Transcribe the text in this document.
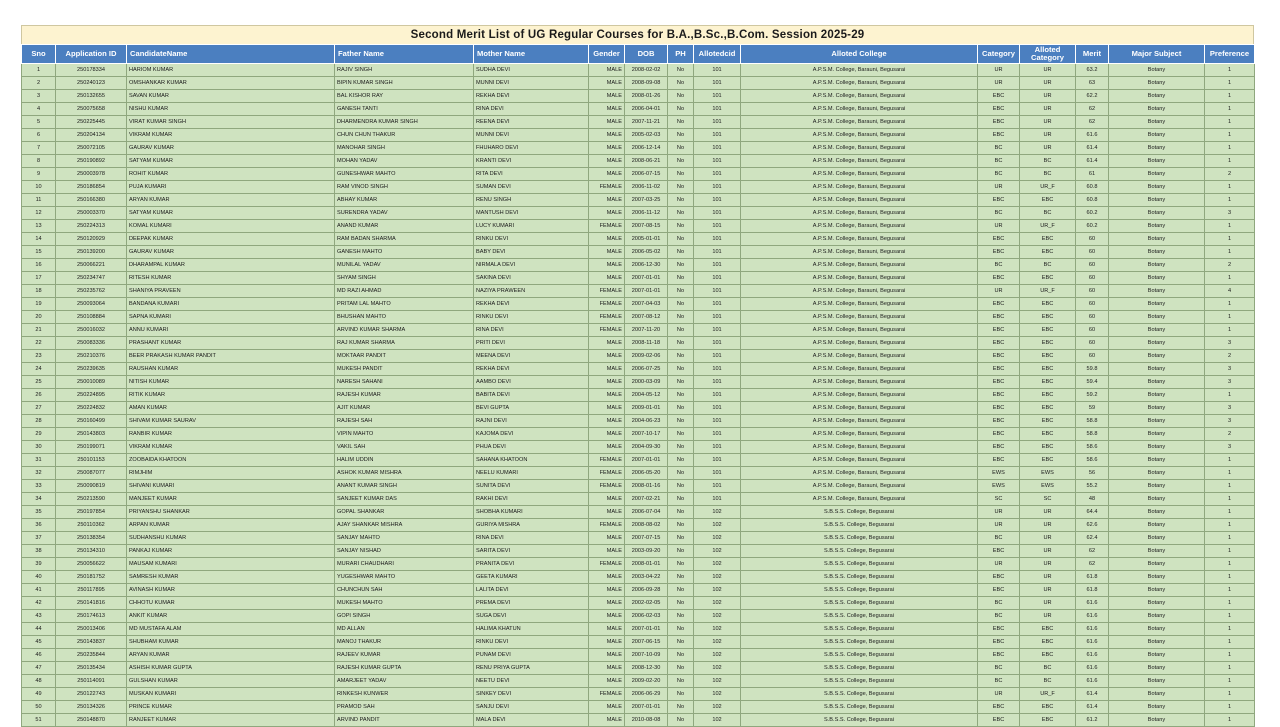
Second Merit List of UG Regular Courses for B.A.,B.Sc.,B.Com. Session 2025-29
Sno	Application ID	CandidateName	Father Name	Mother Name	Gender	DOB	PH	Allotedcid	Alloted College	Category	Alloted Category	Merit	Major Subject	Preference
1	250178334	HARIOM KUMAR	RAJIV SINGH	SUDHA DEVI	MALE	2008-02-02	No	101	A.P.S.M. College, Barauni, Begusarai	UR	UR	63.2	Botany	1
2	250240123	OMSHANKAR KUMAR	BIPIN KUMAR SINGH	MUNNI DEVI	MALE	2008-09-08	No	101	A.P.S.M. College, Barauni, Begusarai	UR	UR	63	Botany	1
3	250132655	SAVAN KUMAR	BAL KISHOR RAY	REKHA DEVI	MALE	2008-01-26	No	101	A.P.S.M. College, Barauni, Begusarai	EBC	UR	62.2	Botany	1
4	250075658	NISHU KUMAR	GANESH TANTI	RINA DEVI	MALE	2006-04-01	No	101	A.P.S.M. College, Barauni, Begusarai	EBC	UR	62	Botany	1
5	250225445	VIRAT KUMAR SINGH	DHARMENDRA KUMAR SINGH	REENA DEVI	MALE	2007-11-21	No	101	A.P.S.M. College, Barauni, Begusarai	EBC	UR	62	Botany	1
6	250204134	VIKRAM KUMAR	CHUN CHUN THAKUR	MUNNI DEVI	MALE	2005-02-03	No	101	A.P.S.M. College, Barauni, Begusarai	EBC	UR	61.6	Botany	1
7	250072105	GAURAV KUMAR	MANOHAR SINGH	FHUHARO DEVI	MALE	2006-12-14	No	101	A.P.S.M. College, Barauni, Begusarai	BC	UR	61.4	Botany	1
8	250190892	SATYAM KUMAR	MOHAN YADAV	KRANTI DEVI	MALE	2008-06-21	No	101	A.P.S.M. College, Barauni, Begusarai	BC	BC	61.4	Botany	1
9	250003978	ROHIT KUMAR	GUNESHWAR MAHTO	RITA DEVI	MALE	2006-07-15	No	101	A.P.S.M. College, Barauni, Begusarai	BC	BC	61	Botany	2
10	250186854	PUJA KUMARI	RAM VINOD SINGH	SUMAN DEVI	FEMALE	2006-11-02	No	101	A.P.S.M. College, Barauni, Begusarai	UR	UR_F	60.8	Botany	1
11	250166380	ARYAN KUMAR	ABHAY KUMAR	RENU SINGH	MALE	2007-03-25	No	101	A.P.S.M. College, Barauni, Begusarai	EBC	EBC	60.8	Botany	1
12	250003370	SATYAM KUMAR	SURENDRA YADAV	MANTUSH DEVI	MALE	2006-11-12	No	101	A.P.S.M. College, Barauni, Begusarai	BC	BC	60.2	Botany	3
13	250224313	KOMAL KUMARI	ANAND KUMAR	LUCY KUMARI	FEMALE	2007-08-15	No	101	A.P.S.M. College, Barauni, Begusarai	UR	UR_F	60.2	Botany	1
14	250120929	DEEPAK KUMAR	RAM BADAN SHARMA	RINKU DEVI	MALE	2005-01-01	No	101	A.P.S.M. College, Barauni, Begusarai	EBC	EBC	60	Botany	1
15	250139200	GAURAV KUMAR	GANESH MAHTO	BABY DEVI	MALE	2006-05-02	No	101	A.P.S.M. College, Barauni, Begusarai	EBC	EBC	60	Botany	1
16	250066221	DHARAMPAL KUMAR	MUNILAL YADAV	NIRMALA DEVI	MALE	2006-12-30	No	101	A.P.S.M. College, Barauni, Begusarai	BC	BC	60	Botany	2
17	250234747	RITESH KUMAR	SHYAM SINGH	SAKINA DEVI	MALE	2007-01-01	No	101	A.P.S.M. College, Barauni, Begusarai	EBC	EBC	60	Botany	1
18	250235762	SHANIYA PRAVEEN	MD RAZI AHMAD	NAZIYA PRAWEEN	FEMALE	2007-01-01	No	101	A.P.S.M. College, Barauni, Begusarai	UR	UR_F	60	Botany	4
19	250093064	BANDANA KUMARI	PRITAM LAL MAHTO	REKHA DEVI	FEMALE	2007-04-03	No	101	A.P.S.M. College, Barauni, Begusarai	EBC	EBC	60	Botany	1
20	250108884	SAPNA KUMARI	BHUSHAN MAHTO	RINKU DEVI	FEMALE	2007-08-12	No	101	A.P.S.M. College, Barauni, Begusarai	EBC	EBC	60	Botany	1
21	250016032	ANNU KUMARI	ARVIND KUMAR SHARMA	RINA DEVI	FEMALE	2007-11-20	No	101	A.P.S.M. College, Barauni, Begusarai	EBC	EBC	60	Botany	1
22	250083336	PRASHANT KUMAR	RAJ KUMAR SHARMA	PRITI DEVI	MALE	2008-11-18	No	101	A.P.S.M. College, Barauni, Begusarai	EBC	EBC	60	Botany	3
23	250210376	BEER PRAKASH KUMAR PANDIT	MOKTAAR PANDIT	MEENA DEVI	MALE	2009-02-06	No	101	A.P.S.M. College, Barauni, Begusarai	EBC	EBC	60	Botany	2
24	250239635	RAUSHAN KUMAR	MUKESH PANDIT	REKHA DEVI	MALE	2006-07-25	No	101	A.P.S.M. College, Barauni, Begusarai	EBC	EBC	59.8	Botany	3
25	250010089	NITISH KUMAR	NARESH SAHANI	AAMBO DEVI	MALE	2000-03-09	No	101	A.P.S.M. College, Barauni, Begusarai	EBC	EBC	59.4	Botany	3
26	250224895	RITIK KUMAR	RAJESH KUMAR	BABITA DEVI	MALE	2004-05-12	No	101	A.P.S.M. College, Barauni, Begusarai	EBC	EBC	59.2	Botany	1
27	250224832	AMAN KUMAR	AJIT KUMAR	BEVI GUPTA	MALE	2009-01-01	No	101	A.P.S.M. College, Barauni, Begusarai	EBC	EBC	59	Botany	3
28	250160499	SHIVAM KUMAR SAURAV	RAJESH SAH	RAJNI DEVI	MALE	2004-06-23	No	101	A.P.S.M. College, Barauni, Begusarai	EBC	EBC	58.8	Botany	3
29	250143803	RANBIR KUMAR	VIPIN MAHTO	KAJOMA DEVI	MALE	2007-10-17	No	101	A.P.S.M. College, Barauni, Begusarai	EBC	EBC	58.8	Botany	2
30	250199071	VIKRAM KUMAR	VAKIL SAH	PHUA DEVI	MALE	2004-09-30	No	101	A.P.S.M. College, Barauni, Begusarai	EBC	EBC	58.6	Botany	3
31	250101153	ZOOBAIDA KHATOON	HALIM UDDIN	SAHANA KHATOON	FEMALE	2007-01-01	No	101	A.P.S.M. College, Barauni, Begusarai	EBC	EBC	58.6	Botany	1
32	250087077	RIMJHIM	ASHOK KUMAR MISHRA	NEELU KUMARI	FEMALE	2006-05-20	No	101	A.P.S.M. College, Barauni, Begusarai	EWS	EWS	56	Botany	1
33	250090819	SHIVANI KUMARI	ANANT KUMAR SINGH	SUNITA DEVI	FEMALE	2008-01-16	No	101	A.P.S.M. College, Barauni, Begusarai	EWS	EWS	55.2	Botany	1
34	250213590	MANJEET KUMAR	SANJEET KUMAR DAS	RAKHI DEVI	MALE	2007-02-21	No	101	A.P.S.M. College, Barauni, Begusarai	SC	SC	48	Botany	1
35	250197854	PRIYANSHU SHANKAR	GOPAL SHANKAR	SHOBHA KUMARI	MALE	2006-07-04	No	102	S.B.S.S. College, Begusarai	UR	UR	64.4	Botany	1
36	250110362	ARPAN KUMAR	AJAY SHANKAR MISHRA	GURIYA MISHRA	FEMALE	2008-08-02	No	102	S.B.S.S. College, Begusarai	UR	UR	62.6	Botany	1
37	250138354	SUDHANSHU KUMAR	SANJAY MAHTO	RINA DEVI	MALE	2007-07-15	No	102	S.B.S.S. College, Begusarai	BC	UR	62.4	Botany	1
38	250134310	PANKAJ KUMAR	SANJAY NISHAD	SARITA DEVI	MALE	2003-09-20	No	102	S.B.S.S. College, Begusarai	EBC	UR	62	Botany	1
39	250056622	MAUSAM KUMARI	MURARI CHAUDHARI	PRANITA DEVI	FEMALE	2008-01-01	No	102	S.B.S.S. College, Begusarai	UR	UR	62	Botany	1
40	250181752	SAMRESH KUMAR	YUGESHWAR MAHTO	GEETA KUMARI	MALE	2003-04-22	No	102	S.B.S.S. College, Begusarai	EBC	UR	61.8	Botany	1
41	250117895	AVINASH KUMAR	CHUNCHUN SAH	LALITA DEVI	MALE	2006-09-28	No	102	S.B.S.S. College, Begusarai	EBC	UR	61.8	Botany	1
42	250141816	CHHOTU KUMAR	MUKESH MAHTO	PREMA DEVI	MALE	2002-02-05	No	102	S.B.S.S. College, Begusarai	BC	UR	61.6	Botany	1
43	250174613	ANKIT KUMAR	GOPI SINGH	SUGA DEVI	MALE	2006-02-03	No	102	S.B.S.S. College, Begusarai	BC	UR	61.6	Botany	1
44	250013406	MD MUSTAFA ALAM	MD ALLAN	HALIMA KHATUN	MALE	2007-01-01	No	102	S.B.S.S. College, Begusarai	EBC	EBC	61.6	Botany	1
45	250143837	SHUBHAM KUMAR	MANOJ THAKUR	RINKU DEVI	MALE	2007-06-15	No	102	S.B.S.S. College, Begusarai	EBC	EBC	61.6	Botany	1
46	250235844	ARYAN KUMAR	RAJEEV KUMAR	PUNAM DEVI	MALE	2007-10-09	No	102	S.B.S.S. College, Begusarai	EBC	EBC	61.6	Botany	1
47	250135434	ASHISH KUMAR GUPTA	RAJESH KUMAR GUPTA	RENU PRIYA GUPTA	MALE	2008-12-30	No	102	S.B.S.S. College, Begusarai	BC	BC	61.6	Botany	1
48	250114091	GULSHAN KUMAR	AMARJEET YADAV	NEETU DEVI	MALE	2009-02-20	No	102	S.B.S.S. College, Begusarai	BC	BC	61.6	Botany	1
49	250122743	MUSKAN KUMARI	RINKESH KUNWER	SINKEY DEVI	FEMALE	2006-06-29	No	102	S.B.S.S. College, Begusarai	UR	UR_F	61.4	Botany	1
50	250134326	PRINCE KUMAR	PRAMOD SAH	SANJU DEVI	MALE	2007-01-01	No	102	S.B.S.S. College, Begusarai	EBC	EBC	61.4	Botany	1
51	250148870	RANJEET KUMAR	ARVIND PANDIT	MALA DEVI	MALE	2010-08-08	No	102	S.B.S.S. College, Begusarai	EBC	EBC	61.2	Botany	1
